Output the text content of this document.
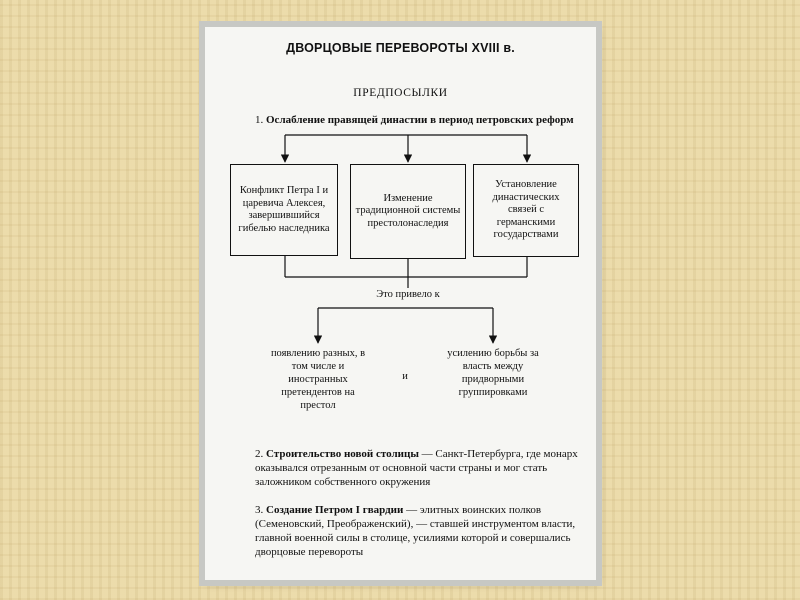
ДВОРЦОВЫЕ ПЕРЕВОРОТЫ XVIII в.
ПРЕДПОСЫЛКИ
1. Ослабление правящей династии в период петровских реформ
Конфликт Петра I и царевича Алексея, завершившийся гибелью наследника
Изменение традиционной системы престолонаследия
Установление династических связей с германскими государствами
Это привело к
появлению разных, в том числе и иностранных претендентов на престол
и
усилению борьбы за власть между придворными группировками
2. Строительство новой столицы — Санкт-Петербурга, где монарх оказывался отрезанным от основной части страны и мог стать заложником собственного окружения
3. Создание Петром I гвардии — элитных воинских полков (Семеновский, Преображенский), — ставшей инструментом власти, главной военной силы в столице, усилиями которой и совершались дворцовые перевороты
